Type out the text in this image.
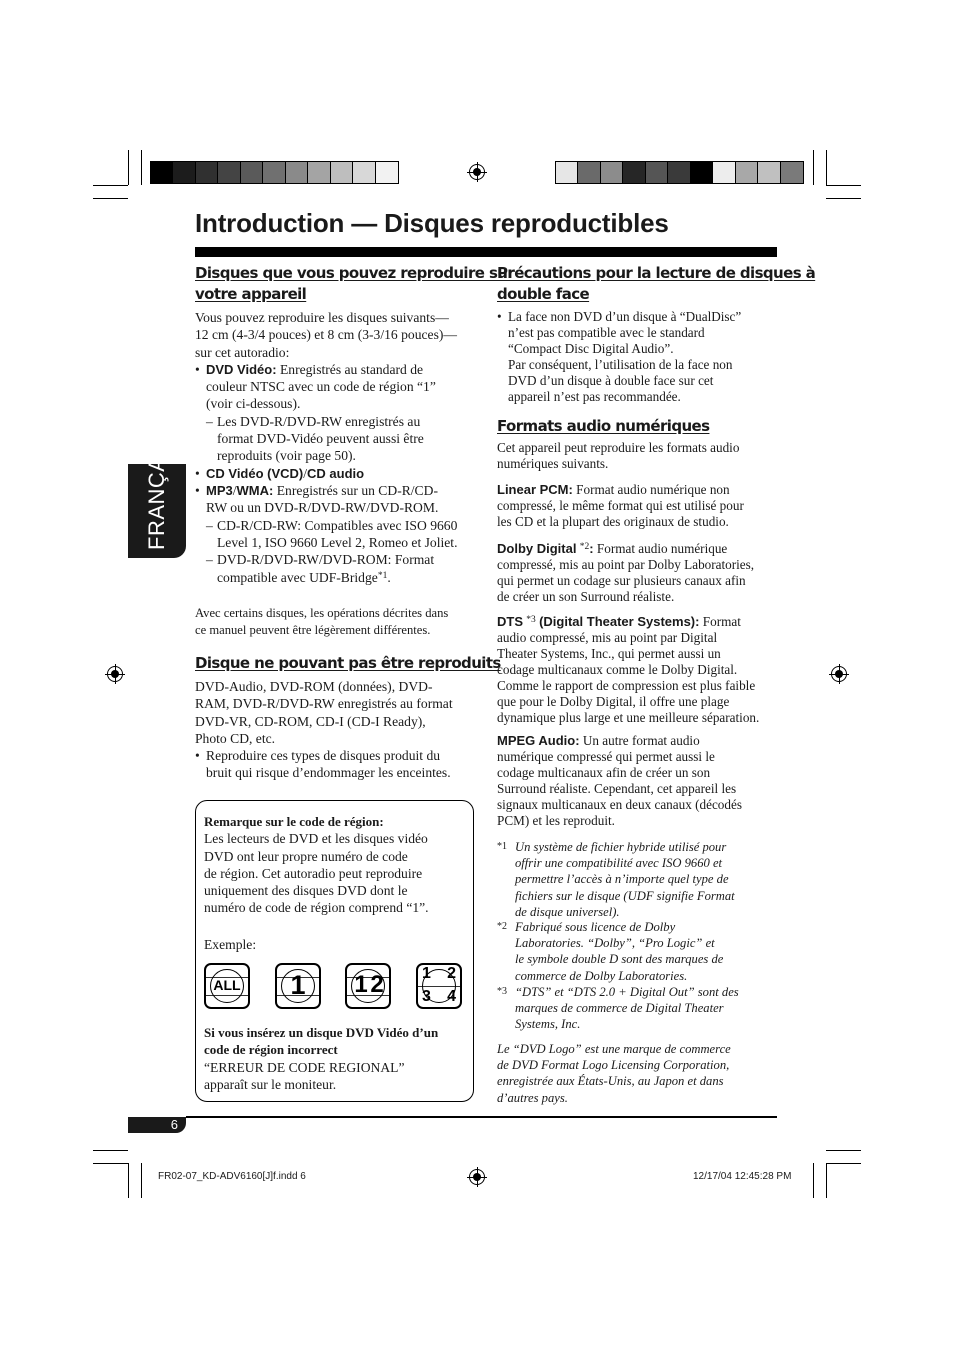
Introduction — Disques reproductibles
FRANÇAIS
Disques que vous pouvez reproduire sur
votre appareil
Vous pouvez reproduire les disques suivants—
12 cm (4-3/4 pouces) et 8 cm (3-3/16 pouces)—
sur cet autoradio:
• DVD Vidéo: Enregistrés au standard de
couleur NTSC avec un code de région “1”
(voir ci-dessous).
– Les DVD-R/DVD-RW enregistrés au
format DVD-Vidéo peuvent aussi être
reproduits (voir page 50).
• CD Vidéo (VCD)/CD audio
• MP3/WMA: Enregistrés sur un CD-R/CD-
RW ou un DVD-R/DVD-RW/DVD-ROM.
– CD-R/CD-RW: Compatibles avec ISO 9660
Level 1, ISO 9660 Level 2, Romeo et Joliet.
– DVD-R/DVD-RW/DVD-ROM: Format
compatible avec UDF-Bridge$^{*1}$.
Avec certains disques, les opérations décrites dans
ce manuel peuvent être légèrement différentes.
Disque ne pouvant pas être reproduits
DVD-Audio, DVD-ROM (données), DVD-
RAM, DVD-R/DVD-RW enregistrés au format
DVD-VR, CD-ROM, CD-I (CD-I Ready),
Photo CD, etc.
• Reproduire ces types de disques produit du
bruit qui risque d’endommager les enceintes.
Remarque sur le code de région:
Les lecteurs de DVD et les disques vidéo
DVD ont leur propre numéro de code
de région. Cet autoradio peut reproduire
uniquement des disques DVD dont le
numéro de code de région comprend “1”.
Exemple:
ALL	1	1 2	1 2
3 4
Si vous insérez un disque DVD Vidéo d’un
code de région incorrect
“ERREUR DE CODE REGIONAL”
apparaît sur le moniteur.
Précautions pour la lecture de disques à
double face
• La face non DVD d’un disque à “DualDisc”
n’est pas compatible avec le standard
“Compact Disc Digital Audio”.
Par conséquent, l’utilisation de la face non
DVD d’un disque à double face sur cet
appareil n’est pas recommandée.
Formats audio numériques
Cet appareil peut reproduire les formats audio
numériques suivants.
Linear PCM: Format audio numérique non
compressé, le même format qui est utilisé pour
les CD et la plupart des originaux de studio.
Dolby Digital $^{*2}$: Format audio numérique
compressé, mis au point par Dolby Laboratories,
qui permet un codage sur plusieurs canaux afin
de créer un son Surround réaliste.
DTS $^{*3}$ (Digital Theater Systems): Format
audio compressé, mis au point par Digital
Theater Systems, Inc., qui permet aussi un
codage multicanaux comme le Dolby Digital.
Comme le rapport de compression est plus faible
que pour le Dolby Digital, il offre une plage
dynamique plus large et une meilleure séparation.
MPEG Audio: Un autre format audio
numérique compressé qui permet aussi le
codage multicanaux afin de créer un son
Surround réaliste. Cependant, cet appareil les
signaux multicanaux en deux canaux (décodés
PCM) et les reproduit.
*1 Un système de fichier hybride utilisé pour
offrir une compatibilité avec ISO 9660 et
permettre l’accès à n’importe quel type de
fichiers sur le disque (UDF signifie Format
de disque universel).
*2 Fabriqué sous licence de Dolby
Laboratories. “Dolby”, “Pro Logic” et
le symbole double D sont des marques de
commerce de Dolby Laboratories.
*3 “DTS” et “DTS 2.0 + Digital Out” sont des
marques de commerce de Digital Theater
Systems, Inc.
Le “DVD Logo” est une marque de commerce
de DVD Format Logo Licensing Corporation,
enregistrée aux États-Unis, au Japon et dans
d’autres pays.
6
FR02-07_KD-ADV6160[J]f.indd 6	12/17/04 12:45:28 PM
